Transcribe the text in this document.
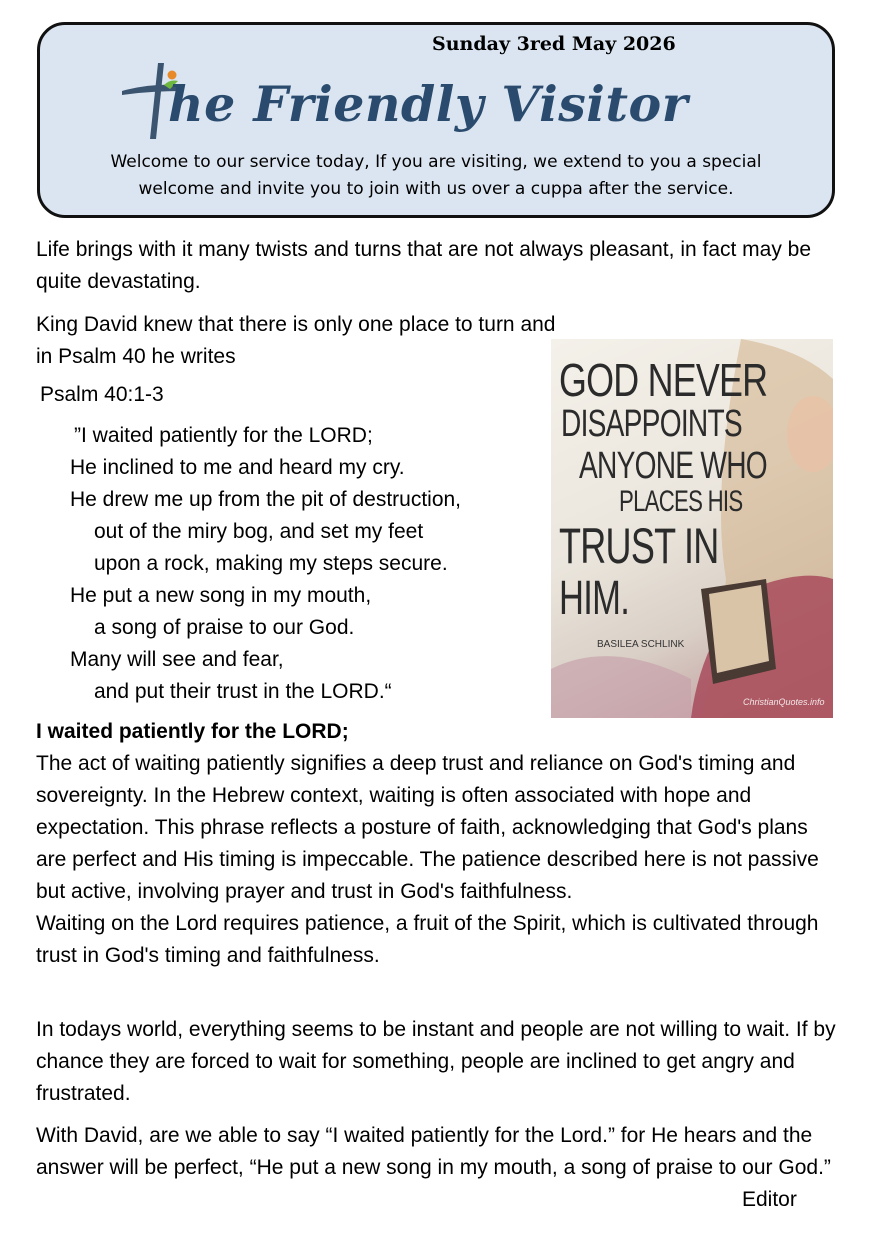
Sunday 3red May 2026
he Friendly Visitor
Welcome to our service today, If you are visiting, we extend to you a special
welcome and invite you to join with us over a cuppa after the service.

Life brings with it many twists and turns that are not always pleasant, in fact may be quite devastating.

King David knew that there is only one place to turn and in Psalm 40 he writes

Psalm 40:1-3
”I waited patiently for the LORD;
He inclined to me and heard my cry.
He drew me up from the pit of destruction,
out of the miry bog, and set my feet
upon a rock, making my steps secure.
He put a new song in my mouth,
a song of praise to our God.
Many will see and fear,
and put their trust in the LORD.“
GOD NEVER
DISAPPOINTS
ANYONE WHO
PLACES HIS
TRUST IN
HIM.
BASILEA SCHLINK
ChristianQuotes.info
I waited patiently for the LORD;
The act of waiting patiently signifies a deep trust and reliance on God's timing and sovereignty. In the Hebrew context, waiting is often associated with hope and expectation. This phrase reflects a posture of faith, acknowledging that God's plans are perfect and His timing is impeccable. The patience described here is not passive but active, involving prayer and trust in God's faithfulness.
Waiting on the Lord requires patience, a fruit of the Spirit, which is cultivated through trust in God's timing and faithfulness.

In todays world, everything seems to be instant and people are not willing to wait. If by chance they are forced to wait for something, people are inclined to get angry and frustrated.

With David, are we able to say “I waited patiently for the Lord.” for He hears and the answer will be perfect, “He put a new song in my mouth, a song of praise to our God.”

Editor
